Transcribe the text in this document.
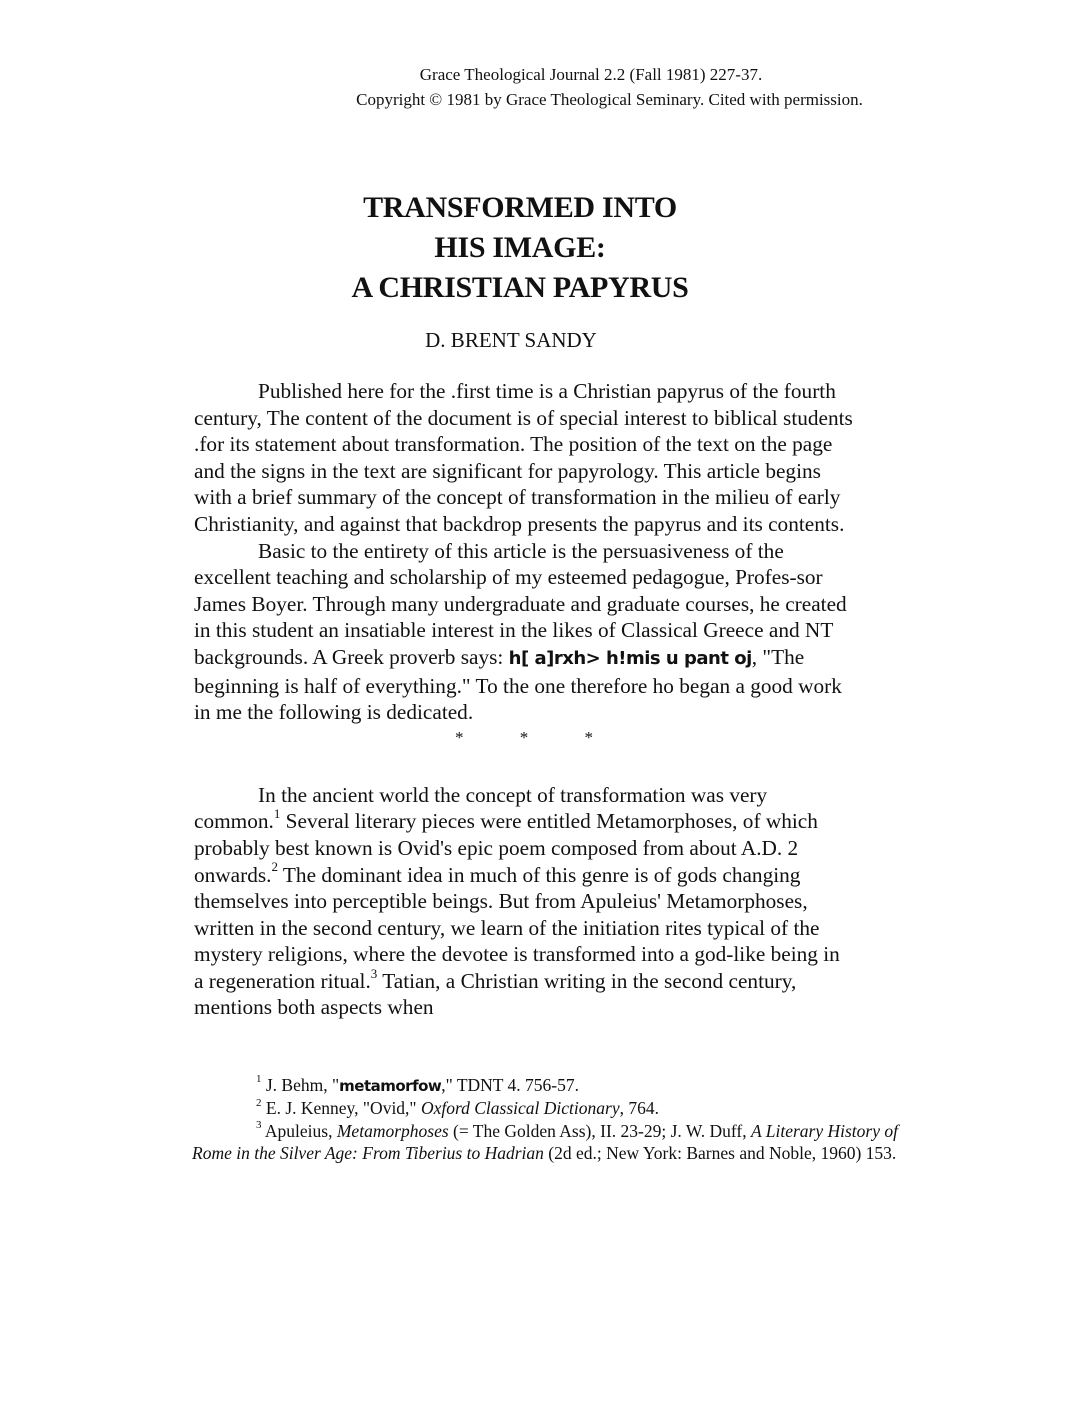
Grace Theological Journal 2.2 (Fall 1981) 227-37.
Copyright © 1981 by Grace Theological Seminary. Cited with permission.
TRANSFORMED INTO
HIS IMAGE:
A CHRISTIAN PAPYRUS
D. BRENT SANDY

Published here for the .first time is a Christian papyrus of the fourth century, The content of the document is of special interest to biblical students .for its statement about transformation. The position of the text on the page and the signs in the text are significant for papyrology. This article begins with a brief summary of the concept of transformation in the milieu of early Christianity, and against that backdrop presents the papyrus and its contents.

Basic to the entirety of this article is the persuasiveness of the excellent teaching and scholarship of my esteemed pedagogue, Profes-sor James Boyer. Through many undergraduate and graduate courses, he created in this student an insatiable interest in the likes of Classical Greece and NT backgrounds. A Greek proverb says: h[ a]rxh> h!mis u pant oj, "The beginning is half of everything." To the one therefore ho began a good work in me the following is dedicated.

* * *

In the ancient world the concept of transformation was very common.$^1$ Several literary pieces were entitled Metamorphoses, of which probably best known is Ovid's epic poem composed from about A.D. 2 onwards.$^2$ The dominant idea in much of this genre is of gods changing themselves into perceptible beings. But from Apuleius' Metamorphoses, written in the second century, we learn of the initiation rites typical of the mystery religions, where the devotee is transformed into a god-like being in a regeneration ritual.$^3$ Tatian, a Christian writing in the second century, mentions both aspects when

$^1$ J. Behm, "metamorfow," TDNT 4. 756-57.

$^2$ E. J. Kenney, "Ovid," Oxford Classical Dictionary, 764.

$^3$ Apuleius, Metamorphoses (= The Golden Ass), II. 23-29; J. W. Duff, A Literary History of Rome in the Silver Age: From Tiberius to Hadrian (2d ed.; New York: Barnes and Noble, 1960) 153.
